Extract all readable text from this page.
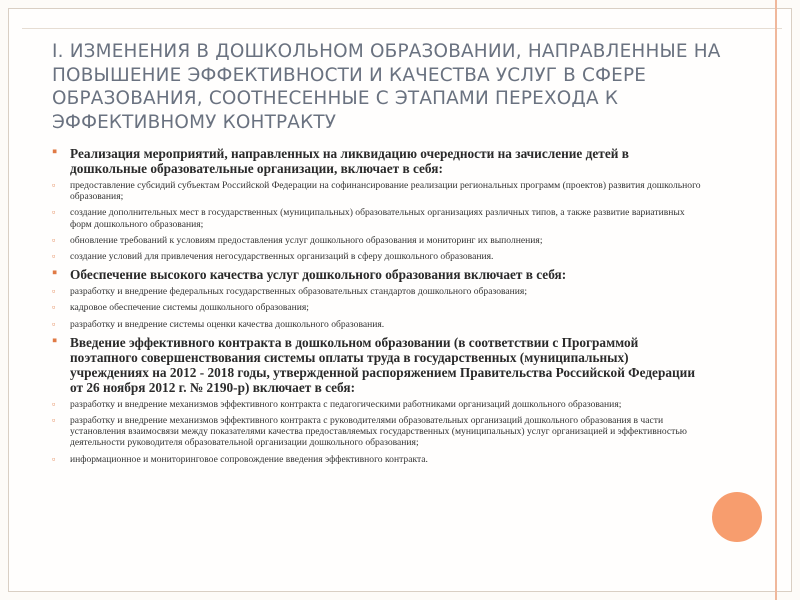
I. ИЗМЕНЕНИЯ В ДОШКОЛЬНОМ ОБРАЗОВАНИИ, НАПРАВЛЕННЫЕ НА ПОВЫШЕНИЕ ЭФФЕКТИВНОСТИ И КАЧЕСТВА УСЛУГ В СФЕРЕ ОБРАЗОВАНИЯ, СООТНЕСЕННЫЕ С ЭТАПАМИ ПЕРЕХОДА К ЭФФЕКТИВНОМУ КОНТРАКТУ
▪ Реализация мероприятий, направленных на ликвидацию очередности на зачисление детей в дошкольные образовательные организации, включает в себя:
▫ предоставление субсидий субъектам Российской Федерации на софинансирование реализации региональных программ (проектов) развития дошкольного образования;
▫ создание дополнительных мест в государственных (муниципальных) образовательных организациях различных типов, а также развитие вариативных форм дошкольного образования;
▫ обновление требований к условиям предоставления услуг дошкольного образования и мониторинг их выполнения;
▫ создание условий для привлечения негосударственных организаций в сферу дошкольного образования.
▪ Обеспечение высокого качества услуг дошкольного образования включает в себя:
▫ разработку и внедрение федеральных государственных образовательных стандартов дошкольного образования;
▫ кадровое обеспечение системы дошкольного образования;
▫ разработку и внедрение системы оценки качества дошкольного образования.
▪ Введение эффективного контракта в дошкольном образовании (в соответствии с Программой поэтапного совершенствования системы оплаты труда в государственных (муниципальных) учреждениях на 2012 - 2018 годы, утвержденной распоряжением Правительства Российской Федерации от 26 ноября 2012 г. № 2190-р) включает в себя:
▫ разработку и внедрение механизмов эффективного контракта с педагогическими работниками организаций дошкольного образования;
▫ разработку и внедрение механизмов эффективного контракта с руководителями образовательных организаций дошкольного образования в части установления взаимосвязи между показателями качества предоставляемых государственных (муниципальных) услуг организацией и эффективностью деятельности руководителя образовательной организации дошкольного образования;
▫ информационное и мониторинговое сопровождение введения эффективного контракта.
